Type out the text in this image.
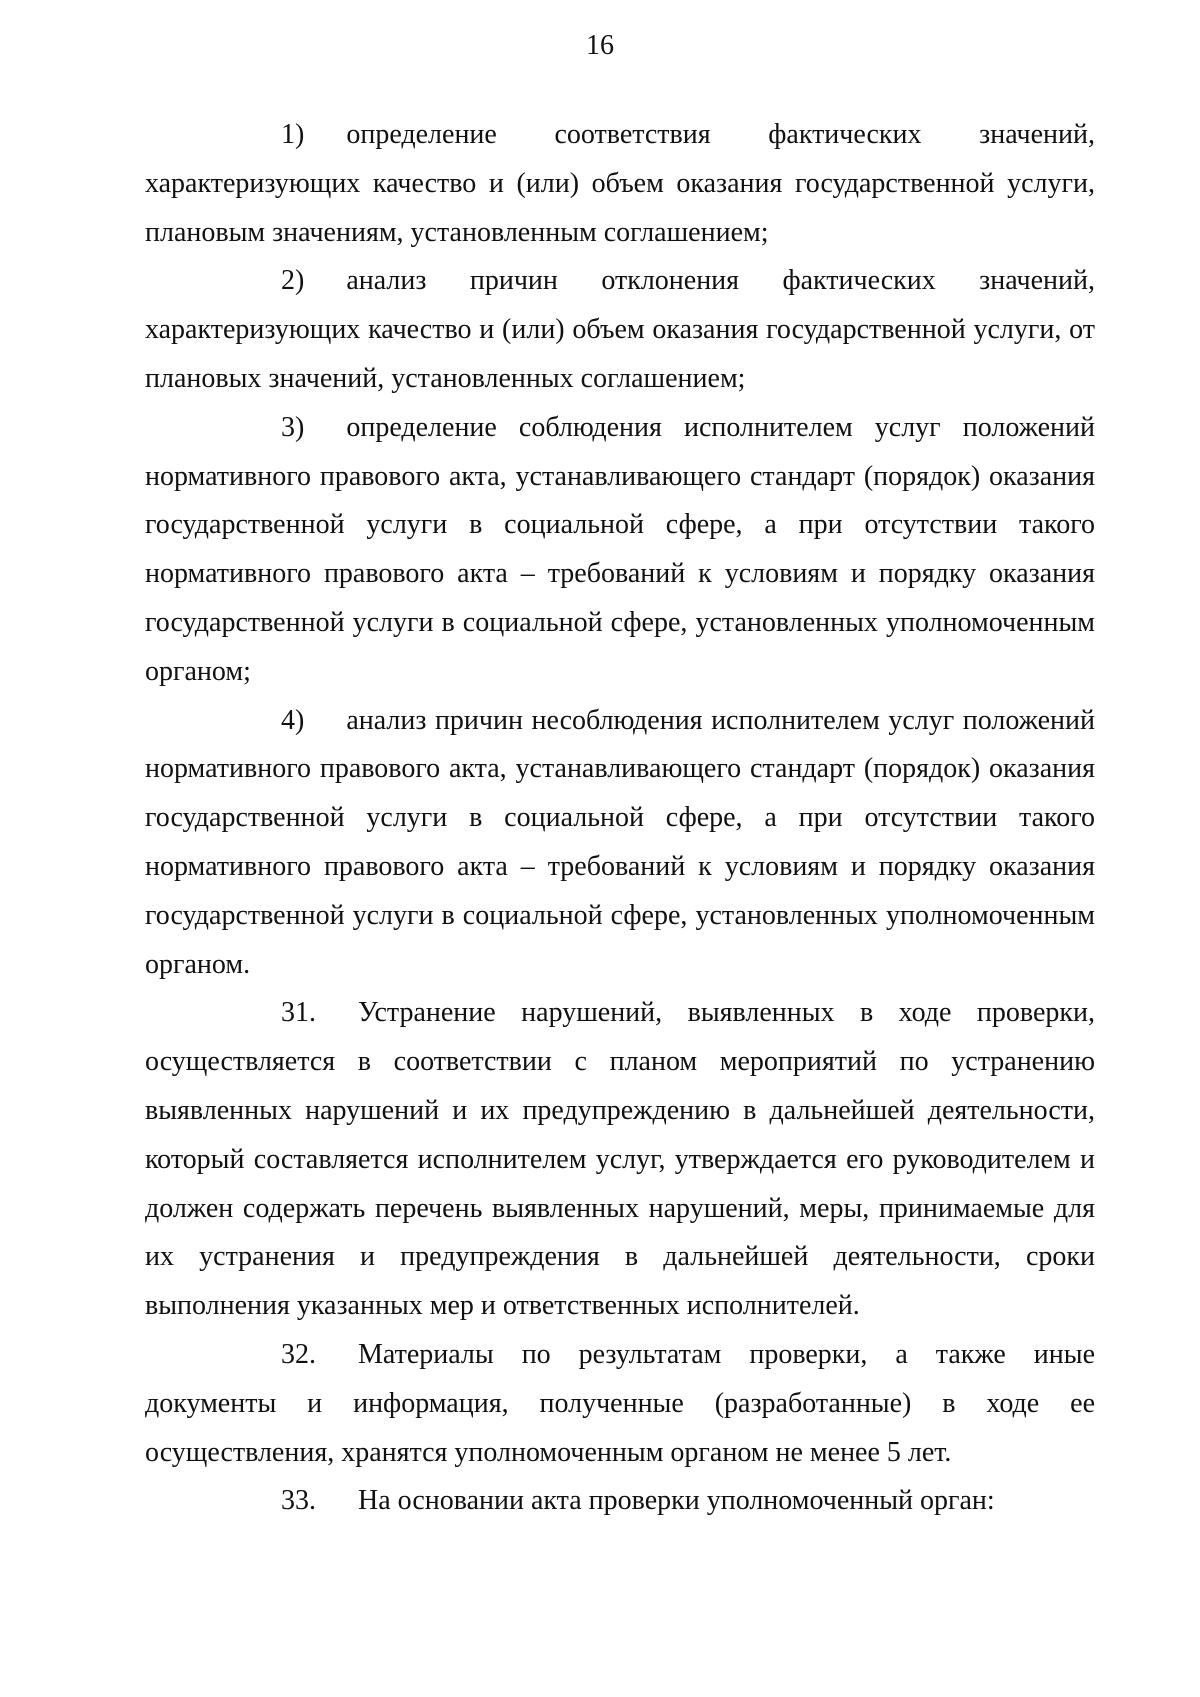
16

1)   определение соответствия фактических значений, характеризующих качество и (или) объем оказания государственной услуги, плановым значениям, установленным соглашением;

2)   анализ причин отклонения фактических значений, характеризующих качество и (или) объем оказания государственной услуги, от плановых значений, установленных соглашением;

3)   определение соблюдения исполнителем услуг положений нормативного правового акта, устанавливающего стандарт (порядок) оказания государственной услуги в социальной сфере, а при отсутствии такого нормативного правового акта – требований к условиям и порядку оказания государственной услуги в социальной сфере, установленных уполномоченным органом;

4)   анализ причин несоблюдения исполнителем услуг положений нормативного правового акта, устанавливающего стандарт (порядок) оказания государственной услуги в социальной сфере, а при отсутствии такого нормативного правового акта – требований к условиям и порядку оказания государственной услуги в социальной сфере, установленных уполномоченным органом.

31.   Устранение нарушений, выявленных в ходе проверки, осуществляется в соответствии с планом мероприятий по устранению выявленных нарушений и их предупреждению в дальнейшей деятельности, который составляется исполнителем услуг, утверждается его руководителем и должен содержать перечень выявленных нарушений, меры, принимаемые для их устранения и предупреждения в дальнейшей деятельности, сроки выполнения указанных мер и ответственных исполнителей.

32.   Материалы по результатам проверки, а также иные документы и информация, полученные (разработанные) в ходе ее осуществления, хранятся уполномоченным органом не менее 5 лет.

33.   На основании акта проверки уполномоченный орган:
